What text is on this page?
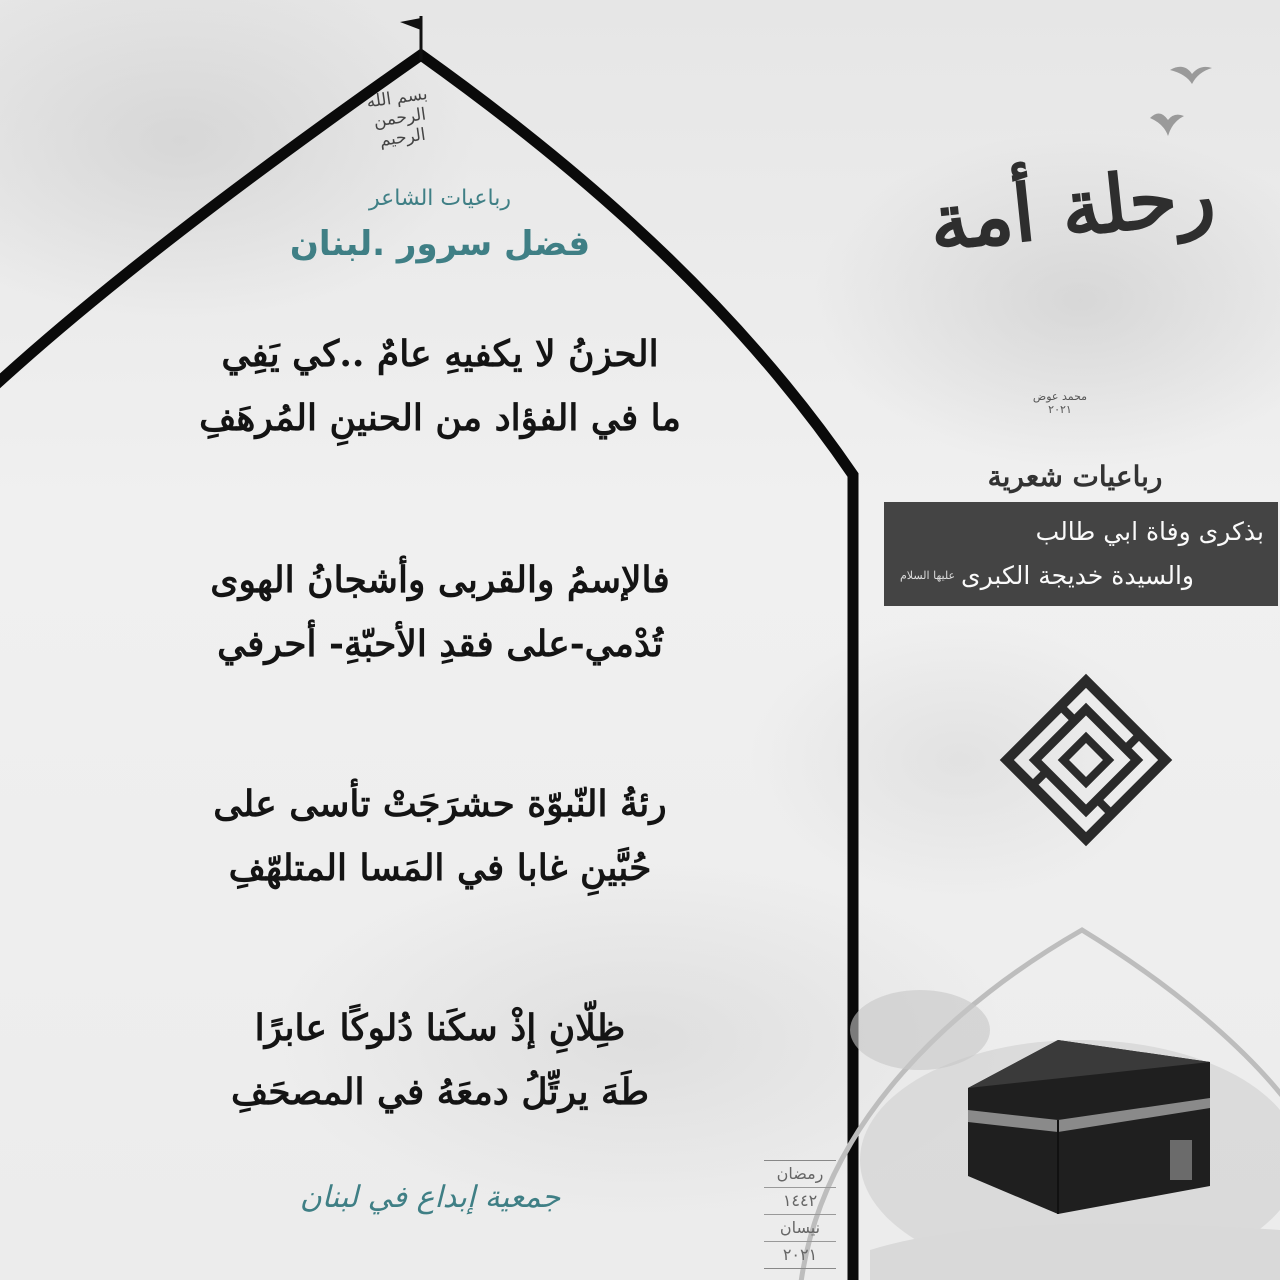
بسم الله الرحمن الرحيم
رباعيات الشاعر
فضل سرور .لبنان
الحزنُ لا يكفيهِ عامٌ ..كي يَفِي
ما في الفؤاد من الحنينِ المُرهَفِ
فالإسمُ والقربى وأشجانُ الهوى
تُدْمي-على فقدِ الأحبّةِ- أحرفي
رئةُ النّبوّة حشرَجَتْ تأسى على
حُبَّينِ غابا في المَسا المتلهّفِ
ظِلّانِ إذْ سكَنا دُلوكًا عابرًا
طَهَ يرتِّلُ دمعَهُ في المصحَفِ
جمعية إبداع في لبنان
رحلة أمة
محمد عوض ٢٠٢١
رباعيات شعرية
بذكرى وفاة ابي طالب
والسيدة خديجة الكبرى
عليها السلام
رمضان
١٤٤٢
نيسان
٢٠٢١
